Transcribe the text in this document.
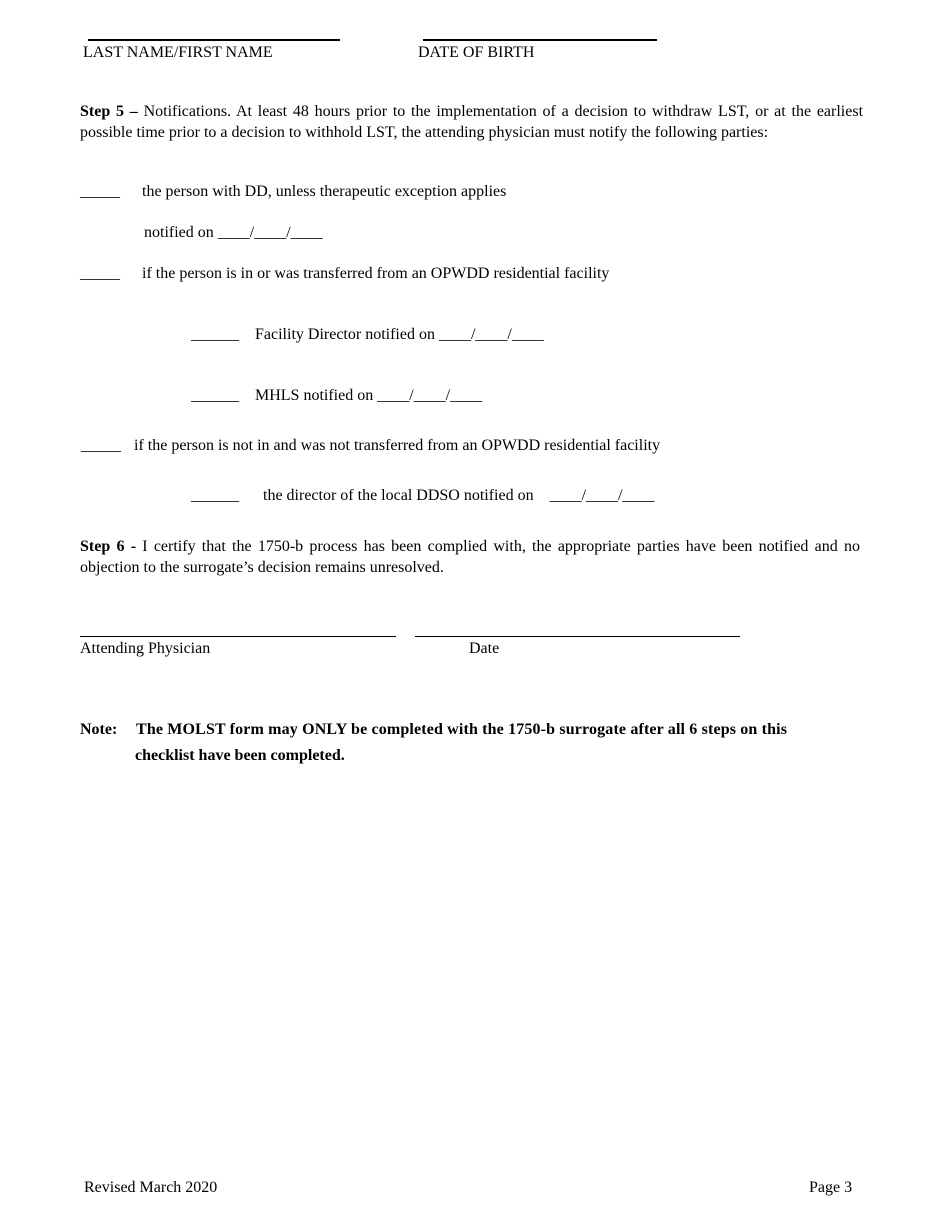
LAST NAME/FIRST NAME	DATE OF BIRTH
Step 5 – Notifications. At least 48 hours prior to the implementation of a decision to withdraw LST, or at the earliest possible time prior to a decision to withhold LST, the attending physician must notify the following parties:
_____ the person with DD, unless therapeutic exception applies
notified on ____/____/____
_____ if the person is in or was transferred from an OPWDD residential facility
______    Facility Director notified on ____/____/____
______    MHLS notified on ____/____/____
_____ if the person is not in and was not transferred from an OPWDD residential facility
______      the director of the local DDSO notified on    ____/____/____
Step 6 - I certify that the 1750-b process has been complied with, the appropriate parties have been notified and no objection to the surrogate’s decision remains unresolved.
Attending Physician	Date
Note: The MOLST form may ONLY be completed with the 1750-b surrogate after all 6 steps on this
checklist have been completed.
Revised March 2020	Page 3
